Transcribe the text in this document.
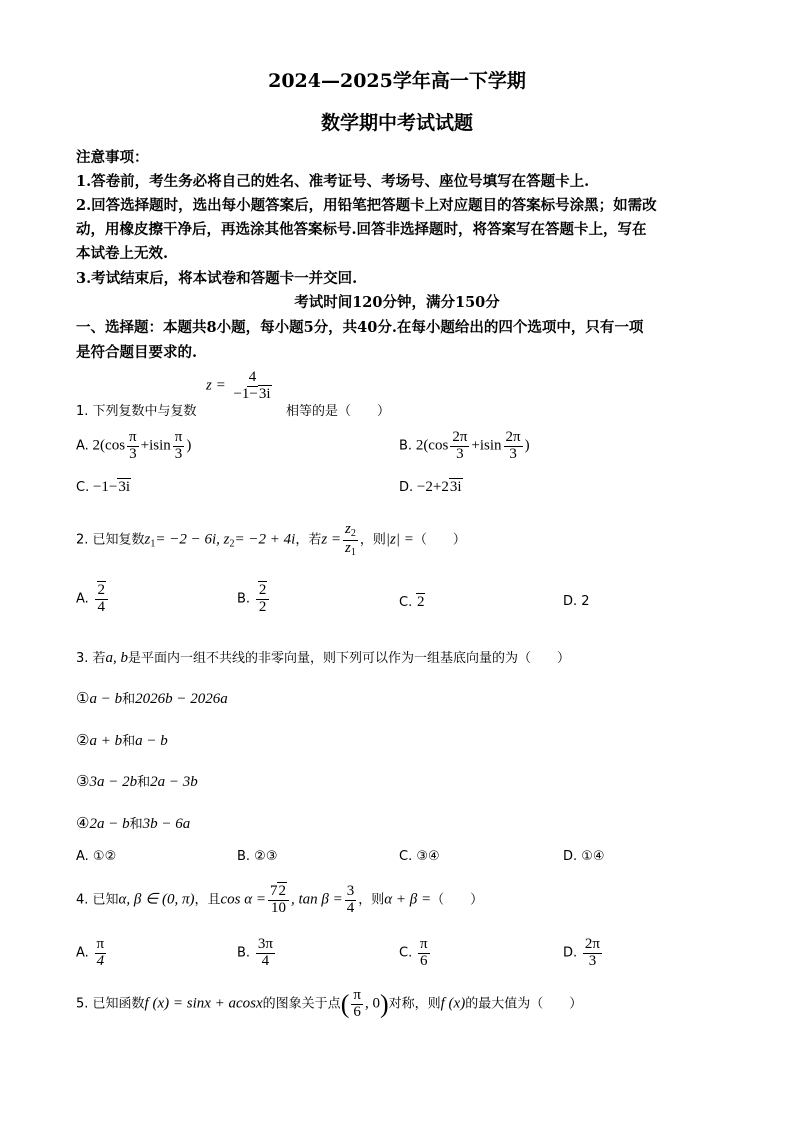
2024—2025学年高一下学期
数学期中考试试题
注意事项：
1.答卷前，考生务必将自己的姓名、准考证号、考场号、座位号填写在答题卡上.
2.回答选择题时，选出每小题答案后，用铅笔把答题卡上对应题目的答案标号涂黑；如需改
动，用橡皮擦干净后，再选涂其他答案标号.回答非选择题时，将答案写在答题卡上，写在
本试卷上无效.
3.考试结束后，将本试卷和答题卡一并交回.
考试时间120分钟，满分150分
一、选择题：本题共8小题，每小题5分，共40分.在每小题给出的四个选项中，只有一项
是符合题目要求的.
$z = \frac{4}{-1-3i}$
1. 下列复数中与复数	相等的是（　　）
A. $2(\cos \frac{\pi}{3} +isin \frac{\pi}{3}$ )	B. $2(\cos \frac{2\pi}{3} +isin \frac{2\pi}{3}$ )
C. −1−3i	D. −2+23i
2. 已知复数$z_1= -2 - 6i$, $z_2= -2 + 4i$，若$z = \frac{z_2}{z_1}$ ，则|z| =（　　）
A. $\frac{2}{4}$	B. $\frac{2}{2}$	C. 2	D. 2
3. 若a, b是平面内一组不共线的非零向量，则下列可以作为一组基底向量的为（　　）
①a − b和2026b − 2026a
②a + b和a − b
③3a − 2b和2a − 3b
④2a − b和3b − 6a
A. ①②	B. ②③	C. ③④	D. ①④
4. 已知α, β ∈ (0, π)，且$\cos \alpha = \frac{72}{10}$ , $\tan \beta = \frac{3}{4}$ ，则α + β =（　　）
A. $\frac{\pi}{4}$	B. $\frac{3\pi}{4}$	C. $\frac{\pi}{6}$	D. $\frac{2\pi}{3}$
5. 已知函数f (x) = sinx + acosx的图象关于点( $\frac{\pi}{6}$ , 0)对称，则f (x)的最大值为（　　）
